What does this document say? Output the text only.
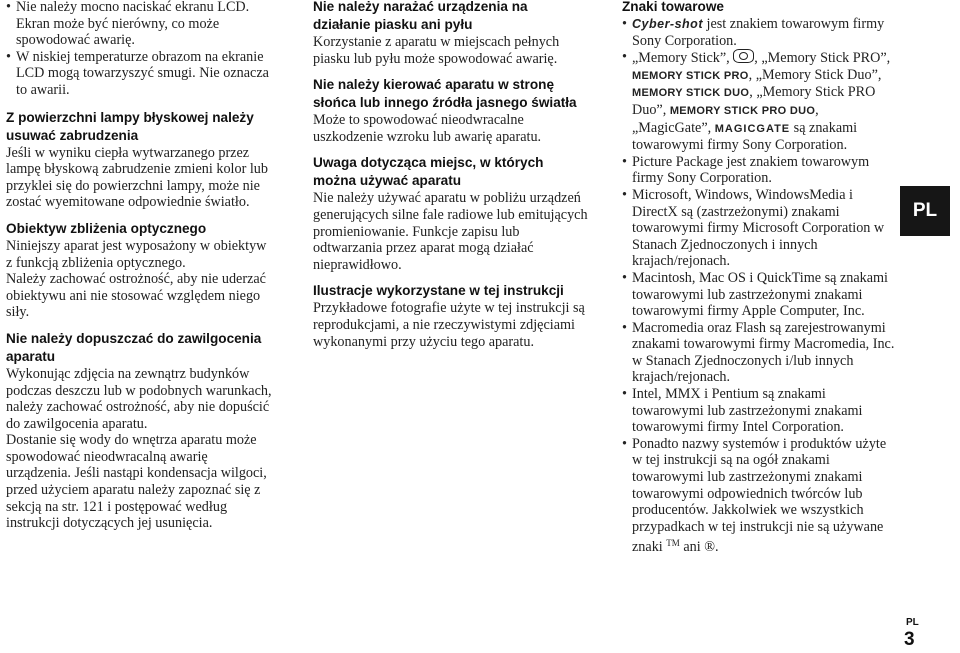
• Nie należy mocno naciskać ekranu LCD. Ekran może być nierówny, co może spowodować awarię.
• W niskiej temperaturze obrazom na ekranie LCD mogą towarzyszyć smugi. Nie oznacza to awarii.

Z powierzchni lampy błyskowej należy usuwać zabrudzenia

Jeśli w wyniku ciepła wytwarzanego przez lampę błyskową zabrudzenie zmieni kolor lub przyklei się do powierzchni lampy, może nie zostać wyemitowane odpowiednie światło.

Obiektyw zbliżenia optycznego

Niniejszy aparat jest wyposażony w obiektyw z funkcją zbliżenia optycznego.

Należy zachować ostrożność, aby nie uderzać obiektywu ani nie stosować względem niego siły.

Nie należy dopuszczać do zawilgocenia aparatu

Wykonując zdjęcia na zewnątrz budynków podczas deszczu lub w podobnych warunkach, należy zachować ostrożność, aby nie dopuścić do zawilgocenia aparatu.

Dostanie się wody do wnętrza aparatu może spowodować nieodwracalną awarię urządzenia. Jeśli nastąpi kondensacja wilgoci, przed użyciem aparatu należy zapoznać się z sekcją na str. 121 i postępować według instrukcji dotyczących jej usunięcia.

Nie należy narażać urządzenia na działanie piasku ani pyłu

Korzystanie z aparatu w miejscach pełnych piasku lub pyłu może spowodować awarię.

Nie należy kierować aparatu w stronę słońca lub innego źródła jasnego światła

Może to spowodować nieodwracalne uszkodzenie wzroku lub awarię aparatu.

Uwaga dotycząca miejsc, w których można używać aparatu

Nie należy używać aparatu w pobliżu urządzeń generujących silne fale radiowe lub emitujących promieniowanie. Funkcje zapisu lub odtwarzania przez aparat mogą działać nieprawidłowo.

Ilustracje wykorzystane w tej instrukcji

Przykładowe fotografie użyte w tej instrukcji są reprodukcjami, a nie rzeczywistymi zdjęciami wykonanymi przy użyciu tego aparatu.

Znaki towarowe

• Cyber-shot jest znakiem towarowym firmy Sony Corporation.
• „Memory Stick”, , „Memory Stick PRO”, MEMORY STICK PRO, „Memory Stick Duo”, MEMORY STICK DUO, „Memory Stick PRO Duo”, MEMORY STICK PRO DUO, „MagicGate”, MAGICGATE są znakami towarowymi firmy Sony Corporation.
• Picture Package jest znakiem towarowym firmy Sony Corporation.
• Microsoft, Windows, WindowsMedia i DirectX są (zastrzeżonymi) znakami towarowymi firmy Microsoft Corporation w Stanach Zjednoczonych i innych krajach/rejonach.
• Macintosh, Mac OS i QuickTime są znakami towarowymi lub zastrzeżonymi znakami towarowymi firmy Apple Computer, Inc.
• Macromedia oraz Flash są zarejestrowanymi znakami towarowymi firmy Macromedia, Inc. w Stanach Zjednoczonych i/lub innych krajach/rejonach.
• Intel, MMX i Pentium są znakami towarowymi lub zastrzeżonymi znakami towarowymi firmy Intel Corporation.
• Ponadto nazwy systemów i produktów użyte w tej instrukcji są na ogół znakami towarowymi lub zastrzeżonymi znakami towarowymi odpowiednich twórców lub producentów. Jakkolwiek we wszystkich przypadkach w tej instrukcji nie są używane znaki ™ ani ®.
PL
PL
3
